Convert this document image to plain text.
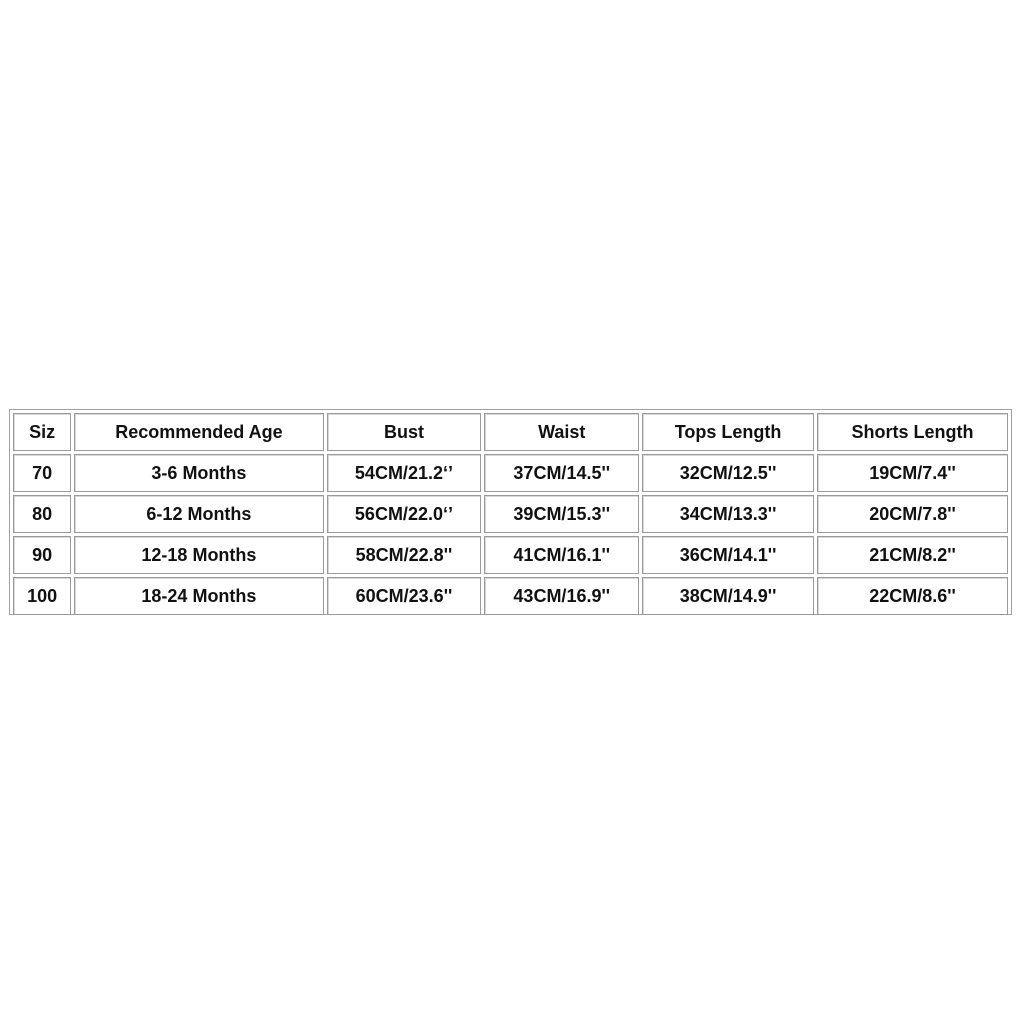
Siz	Recommended Age	Bust	Waist	Tops Length	Shorts Length
70	3-6 Months	54CM/21.2‘’	37CM/14.5''	32CM/12.5''	19CM/7.4''
80	6-12 Months	56CM/22.0‘’	39CM/15.3''	34CM/13.3''	20CM/7.8''
90	12-18 Months	58CM/22.8''	41CM/16.1''	36CM/14.1''	21CM/8.2''
100	18-24 Months	60CM/23.6''	43CM/16.9''	38CM/14.9''	22CM/8.6''
